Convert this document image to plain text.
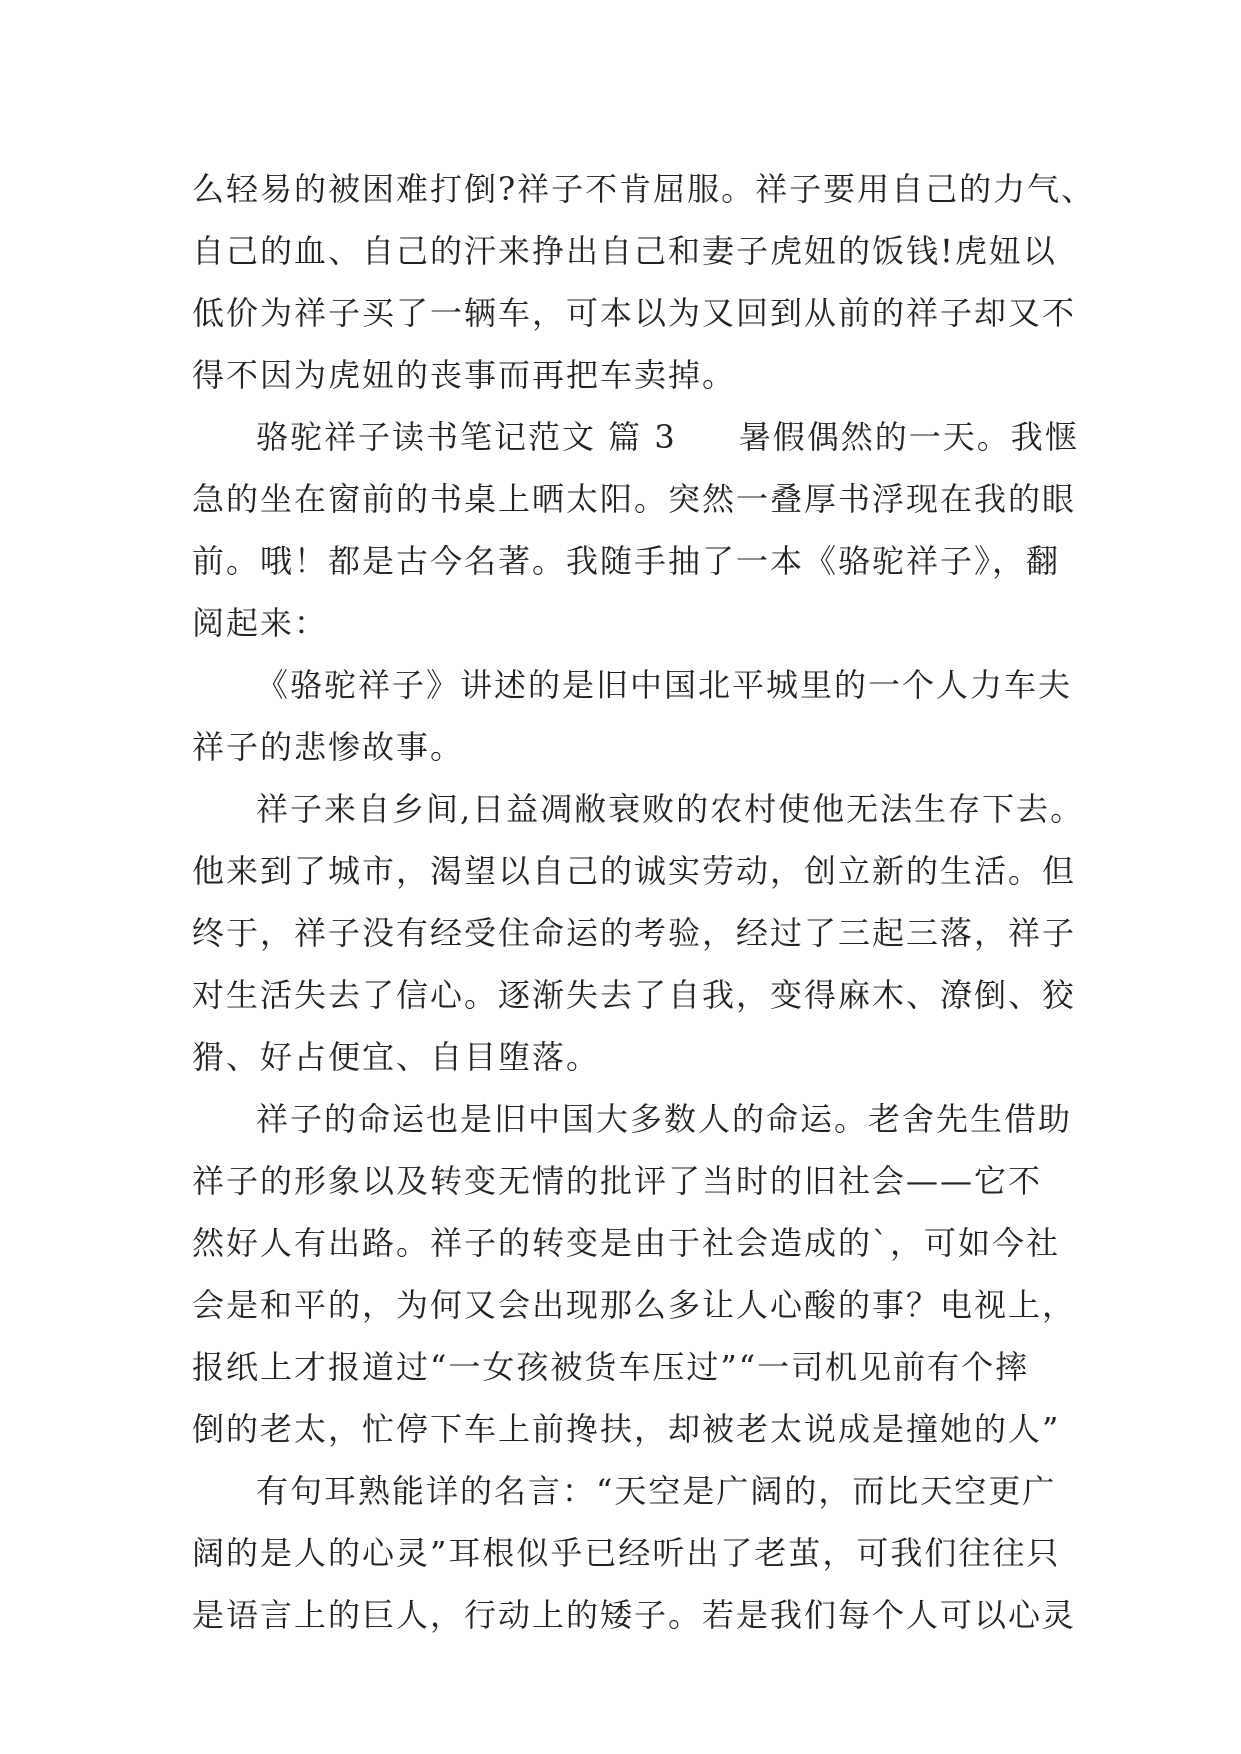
么轻易的被困难打倒?祥子不肯屈服。祥子要用自己的力气、
自己的血、自己的汗来挣出自己和妻子虎妞的饭钱!虎妞以
低价为祥子买了一辆车，可本以为又回到从前的祥子却又不
得不因为虎妞的丧事而再把车卖掉。
骆驼祥子读书笔记范文 篇 3 暑假偶然的一天。我惬
急的坐在窗前的书桌上晒太阳。突然一叠厚书浮现在我的眼
前。哦！都是古今名著。我随手抽了一本《骆驼祥子》，翻
阅起来：
《骆驼祥子》讲述的是旧中国北平城里的一个人力车夫
祥子的悲惨故事。
祥子来自乡间,日益凋敝衰败的农村使他无法生存下去。
他来到了城市，渴望以自己的诚实劳动，创立新的生活。但
终于，祥子没有经受住命运的考验，经过了三起三落，祥子
对生活失去了信心。逐渐失去了自我，变得麻木、潦倒、狡
猾、好占便宜、自目堕落。
祥子的命运也是旧中国大多数人的命运。老舍先生借助
祥子的形象以及转变无情的批评了当时的旧社会——它不
然好人有出路。祥子的转变是由于社会造成的`，可如今社
会是和平的，为何又会出现那么多让人心酸的事？电视上，
报纸上才报道过“一女孩被货车压过”“一司机见前有个摔
倒的老太，忙停下车上前搀扶，却被老太说成是撞她的人”
有句耳熟能详的名言：“天空是广阔的，而比天空更广
阔的是人的心灵”耳根似乎已经听出了老茧，可我们往往只
是语言上的巨人，行动上的矮子。若是我们每个人可以心灵
